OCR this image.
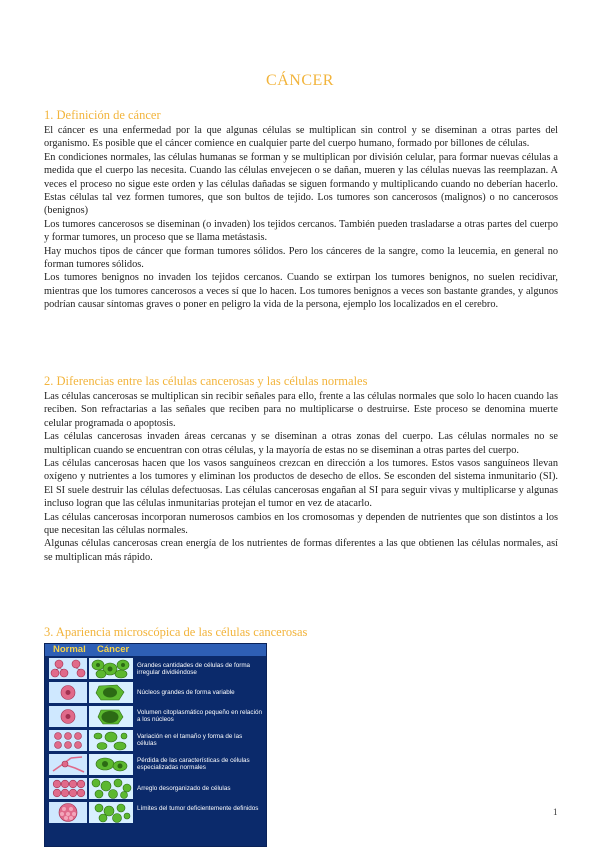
CÁNCER
1. Definición de cáncer

El cáncer es una enfermedad por la que algunas células se multiplican sin control y se diseminan a otras partes del organismo. Es posible que el cáncer comience en cualquier parte del cuerpo humano, formado por billones de células.

En condiciones normales, las células humanas se forman y se multiplican por división celular, para formar nuevas células a medida que el cuerpo las necesita. Cuando las células envejecen o se dañan, mueren y las células nuevas las reemplazan. A veces el proceso no sigue este orden y las células dañadas se siguen formando y multiplicando cuando no deberían hacerlo. Estas células tal vez formen tumores, que son bultos de tejido. Los tumores son cancerosos (malignos) o no cancerosos (benignos)

Los tumores cancerosos se diseminan (o invaden) los tejidos cercanos. También pueden trasladarse a otras partes del cuerpo y formar tumores, un proceso que se llama metástasis.

Hay muchos tipos de cáncer que forman tumores sólidos. Pero los cánceres de la sangre, como la leucemia, en general no forman tumores sólidos.

Los tumores benignos no invaden los tejidos cercanos. Cuando se extirpan los tumores benignos, no suelen recidivar, mientras que los tumores cancerosos a veces sí que lo hacen. Los tumores benignos a veces son bastante grandes, y algunos podrían causar síntomas graves o poner en peligro la vida de la persona, ejemplo los localizados en el cerebro.

2. Diferencias entre las células cancerosas y las células normales

Las células cancerosas se multiplican sin recibir señales para ello, frente a las células normales que solo lo hacen cuando las reciben. Son refractarias a las señales que reciben para no multiplicarse o destruirse. Este proceso se denomina muerte celular programada o apoptosis.

Las células cancerosas invaden áreas cercanas y se diseminan a otras zonas del cuerpo. Las células normales no se multiplican cuando se encuentran con otras células, y la mayoría de estas no se diseminan a otras partes del cuerpo.

Las células cancerosas hacen que los vasos sanguíneos crezcan en dirección a los tumores. Estos vasos sanguíneos llevan oxígeno y nutrientes a los tumores y eliminan los productos de desecho de ellos. Se esconden del sistema inmunitario (SI). El SI suele destruir las células defectuosas. Las células cancerosas engañan al SI para seguir vivas y multiplicarse y algunas incluso logran que las células inmunitarias protejan el tumor en vez de atacarlo.

Las células cancerosas incorporan numerosos cambios en los cromosomas y dependen de nutrientes que son distintos a los que necesitan las células normales.

Algunas células cancerosas crean energía de los nutrientes de formas diferentes a las que obtienen las células normales, así se multiplican más rápido.

3. Apariencia microscópica de las células cancerosas
Normal Cáncer
Grandes cantidades de células de forma irregular dividiéndose
Núcleos grandes de forma variable
Volumen citoplasmático pequeño en relación a los núcleos
Variación en el tamaño y forma de las células
Pérdida de las características de células especializadas normales
Arreglo desorganizado de células
Límites del tumor deficientemente definidos	1
